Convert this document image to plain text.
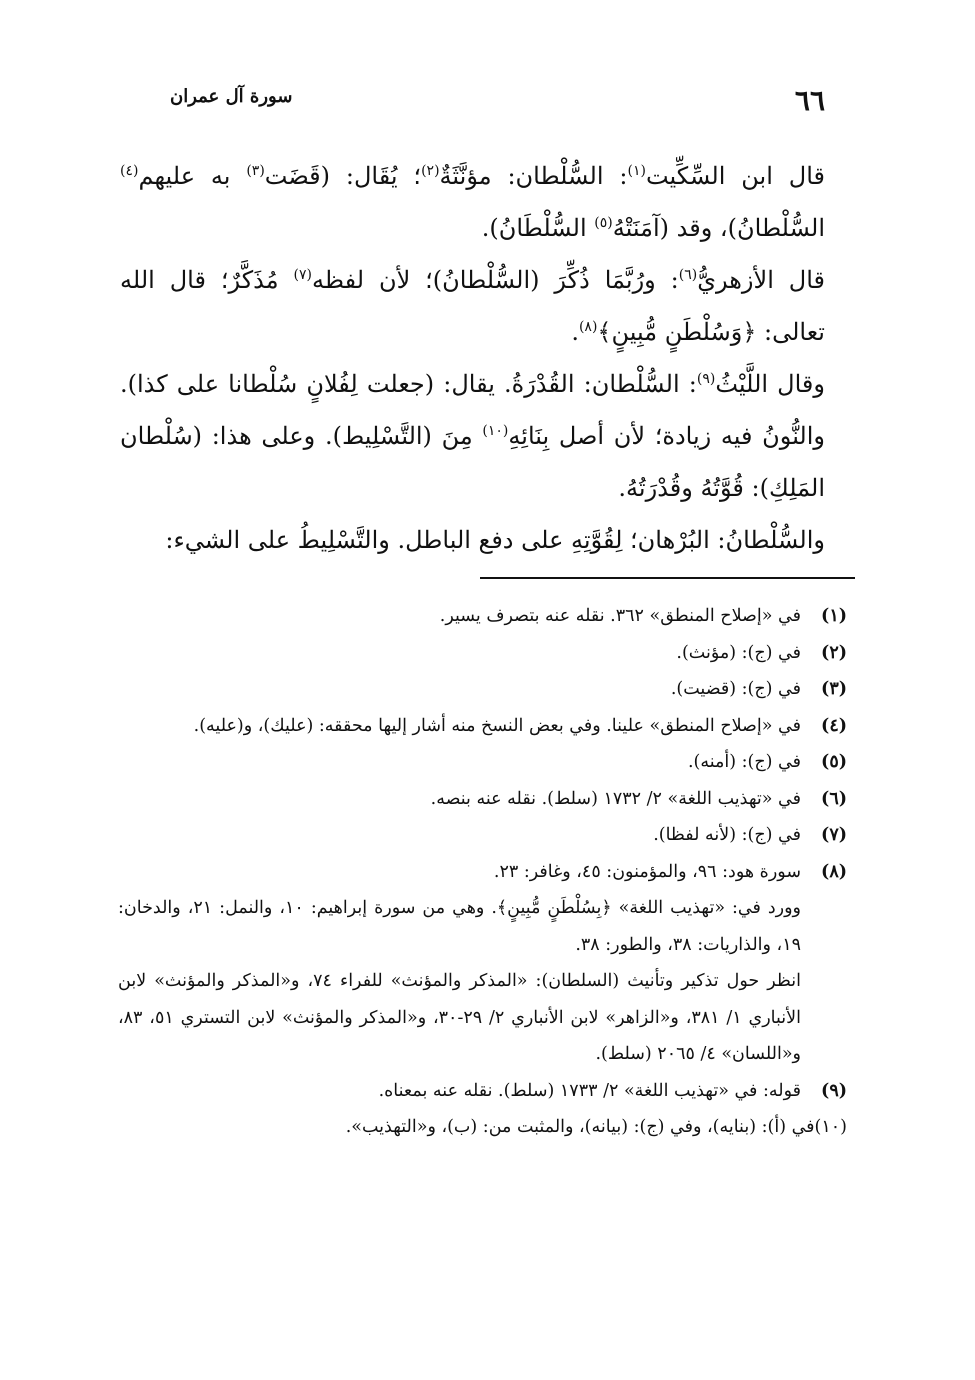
٦٦
سورة آل عمران

قال ابن السِّكِّيت$^{(١)}$: السُّلْطان: مؤنَّثَةٌ$^{(٢)}$؛ يُقَال: (قَضَت$^{(٣)}$ به عليهم$^{(٤)}$ السُّلْطانُ)، وقد (آمَنَتْهُ$^{(٥)}$ السُّلْطَانُ).

قال الأزهريُّ$^{(٦)}$: ورُبَّمَا ذُكِّرَ (السُّلْطانُ)؛ لأن لفظه$^{(٧)}$ مُذَكَّرٌ؛ قال الله تعالى: ﴿وَسُلْطَنٍ مُّبِينٍ﴾$^{(٨)}$.

وقال اللَّيْثُ$^{(٩)}$: السُّلْطان: القُدْرَةُ. يقال: (جعلت لِفُلانٍ سُلْطانا على كذا). والنُّونُ فيه زيادة؛ لأن أصل بِنَائِهِ$^{(١٠)}$ مِنَ (التَّسْلِيط). وعلى هذا: (سُلْطان المَلِكِ): قُوَّتُهُ وقُدْرَتُهُ.

والسُّلْطانُ: البُرْهان؛ لِقُوَّتِهِ على دفع الباطل. والتَّسْلِيطُ على الشيء:

(١)
في «إصلاح المنطق» ٣٦٢. نقله عنه بتصرف يسير.
(٢)
في (ج): (مؤنث).
(٣)
في (ج): (قضيت).
(٤)
في «إصلاح المنطق» علينا. وفي بعض النسخ منه أشار إليها محققه: (عليك)، و(عليه).
(٥)
في (ج): (أمنه).
(٦)
في «تهذيب اللغة» ٢/ ١٧٣٢ (سلط). نقله عنه بنصه.
(٧)
في (ج): (لأنه لفظا).
(٨)
سورة هود: ٩٦، والمؤمنون: ٤٥، وغافر: ٢٣.
وورد في: «تهذيب اللغة» ﴿بِسُلْطَنٍ مُّبِينٍ﴾. وهي من سورة إبراهيم: ١٠، والنمل: ٢١، والدخان: ١٩، والذاريات: ٣٨، والطور: ٣٨.
انظر حول تذكير وتأنيث (السلطان): «المذكر والمؤنث» للفراء ٧٤، و«المذكر والمؤنث» لابن الأنباري ١/ ٣٨١، و«الزاهر» لابن الأنباري ٢/ ٢٩-٣٠، و«المذكر والمؤنث» لابن التستري ٥١، ٨٣، و«اللسان» ٤/ ٢٠٦٥ (سلط).
(٩)
قوله: في «تهذيب اللغة» ٢/ ١٧٣٣ (سلط). نقله عنه بمعناه.
(١٠)
في (أ): (بنايه)، وفي (ج): (بيانه)، والمثبت من: (ب)، و«التهذيب».
